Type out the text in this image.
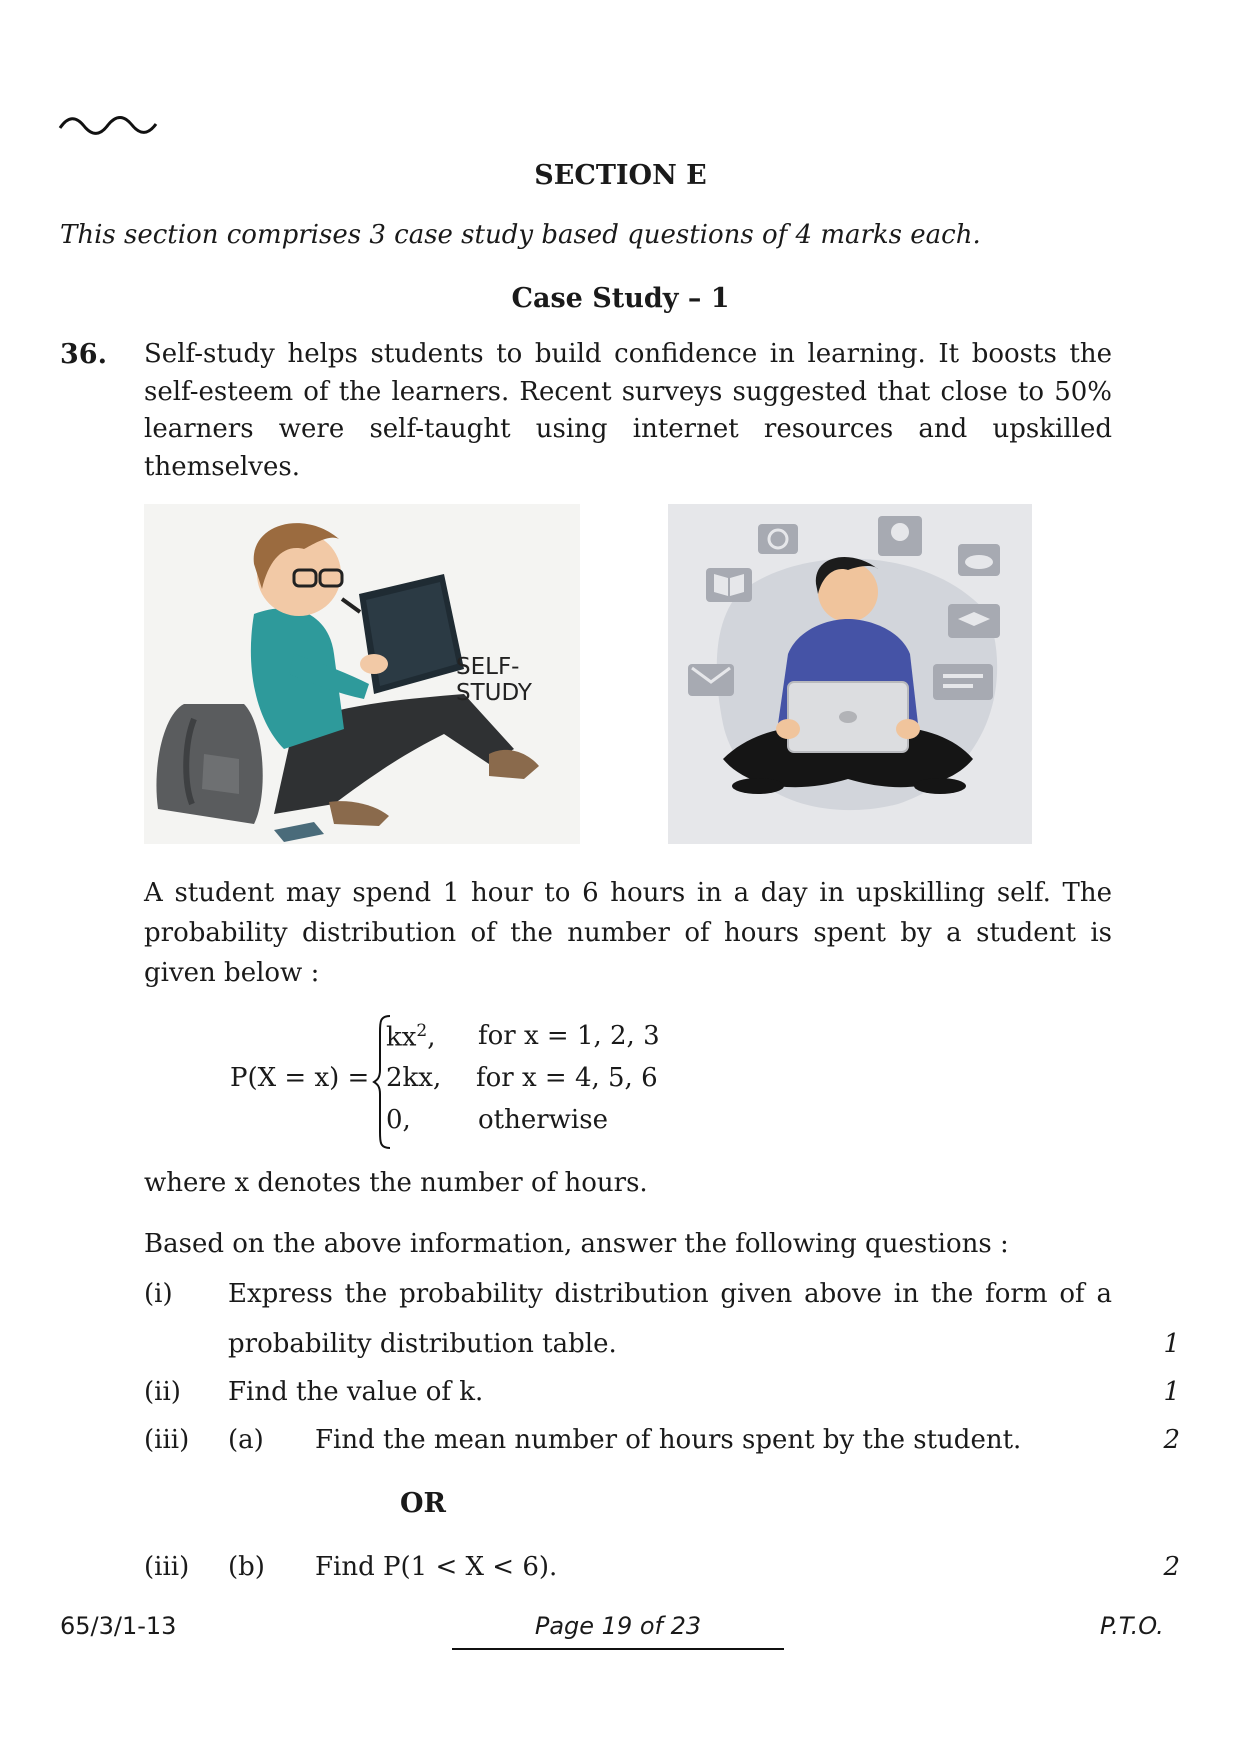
SECTION E
This section comprises 3 case study based questions of 4 marks each.
Case Study – 1
36. Self-study helps students to build confidence in learning. It boosts the
self-esteem of the learners. Recent surveys suggested that close to 50%
learners were self-taught using internet resources and upskilled
themselves.
SELF-STUDY
A student may spend 1 hour to 6 hours in a day in upskilling self. The
probability distribution of the number of hours spent by a student is
given below :
P(X = x) =
$kx^2$, for x = 1, 2, 3
2kx, for x = 4, 5, 6
0,	otherwise
where x denotes the number of hours.
Based on the above information, answer the following questions :
(i) Express the probability distribution given above in the form of a
probability distribution table.	1
(ii) Find the value of k.	1
(iii) (a) Find the mean number of hours spent by the student.	2
OR
(iii) (b) Find P(1 < X < 6).	2
65/3/1-13	Page 19 of 23	P.T.O.
